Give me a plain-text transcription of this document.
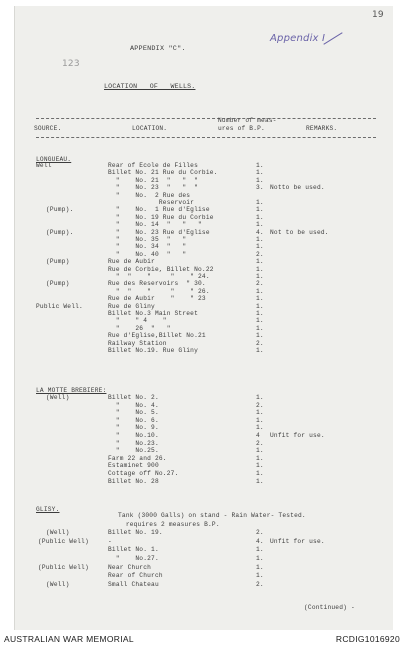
19
Appendix I
123
APPENDIX "C".
LOCATION   OF   WELLS.
SOURCE.	LOCATION.
Number of meas-
ures of B.P.	REMARKS.
LONGUEAU.
Well	Rear of Ecole de Filles	1.
Billet No. 21 Rue du Corbie.	1.
"    No. 21  "   "  "	1.
"    No. 23  "   "  "	3. Notto be used.
"    No.  2 Rue des
Reservoir	1.
(Pump).	"    No.  1 Rue d'Eglise	1.
"    No. 19 Rue du Corbie	1.
"    No. 14  "   "   "	1.
(Pump).	"    No. 23 Rue d'Eglise	4. Not to be used.
"    No. 35  "   "	1.
"    No. 34  "   "	1.
"    No. 40  "   "	2.
(Pump)	Rue de Aubir	1.
Rue de Corbie, Billet No.22	1.
"  "    "     "    " 24.	1.
(Pump)	Rue des Reservoirs  " 30.	2.
"  "    "     "    " 26.	1.
Rue de Aubir    "    " 23	1.
Public Well.	Rue de Gliny	1.
Billet No.3 Main Street	1.
"    " 4    "	1.
"    26  "   "	1.
Rue d'Eglise,Billet No.21	1.
Railway Station	2.
Billet No.19. Rue Gliny	1.
LA MOTTE BREBIERE:
(Well)	Billet No. 2.	1.
"    No. 4.	2.
"    No. 5.	1.
"    No. 6.	1.
"    No. 9.	1.
"    No.10.	4 Unfit for use.
"    No.23.	2.
"    No.25.	1.
Farm 22 and 26.	1.
Estaminet 900	1.
Cottage off No.27.	1.
Billet No. 28	1.
GLISY.
Tank (3000 Galls) on stand - Rain Water- Tested.
requires 2 measures B.P.
(Well)	Billet No. 19.	2.
(Public Well)	-	4. Unfit for use.
Billet No. 1.	1.
"    No.27.	1.
(Public Well)	Near Church	1.
Rear of Church	1.
(Well)	Small Chateau	2.
(Continued) -
AUSTRALIAN WAR MEMORIAL	RCDIG1016920
